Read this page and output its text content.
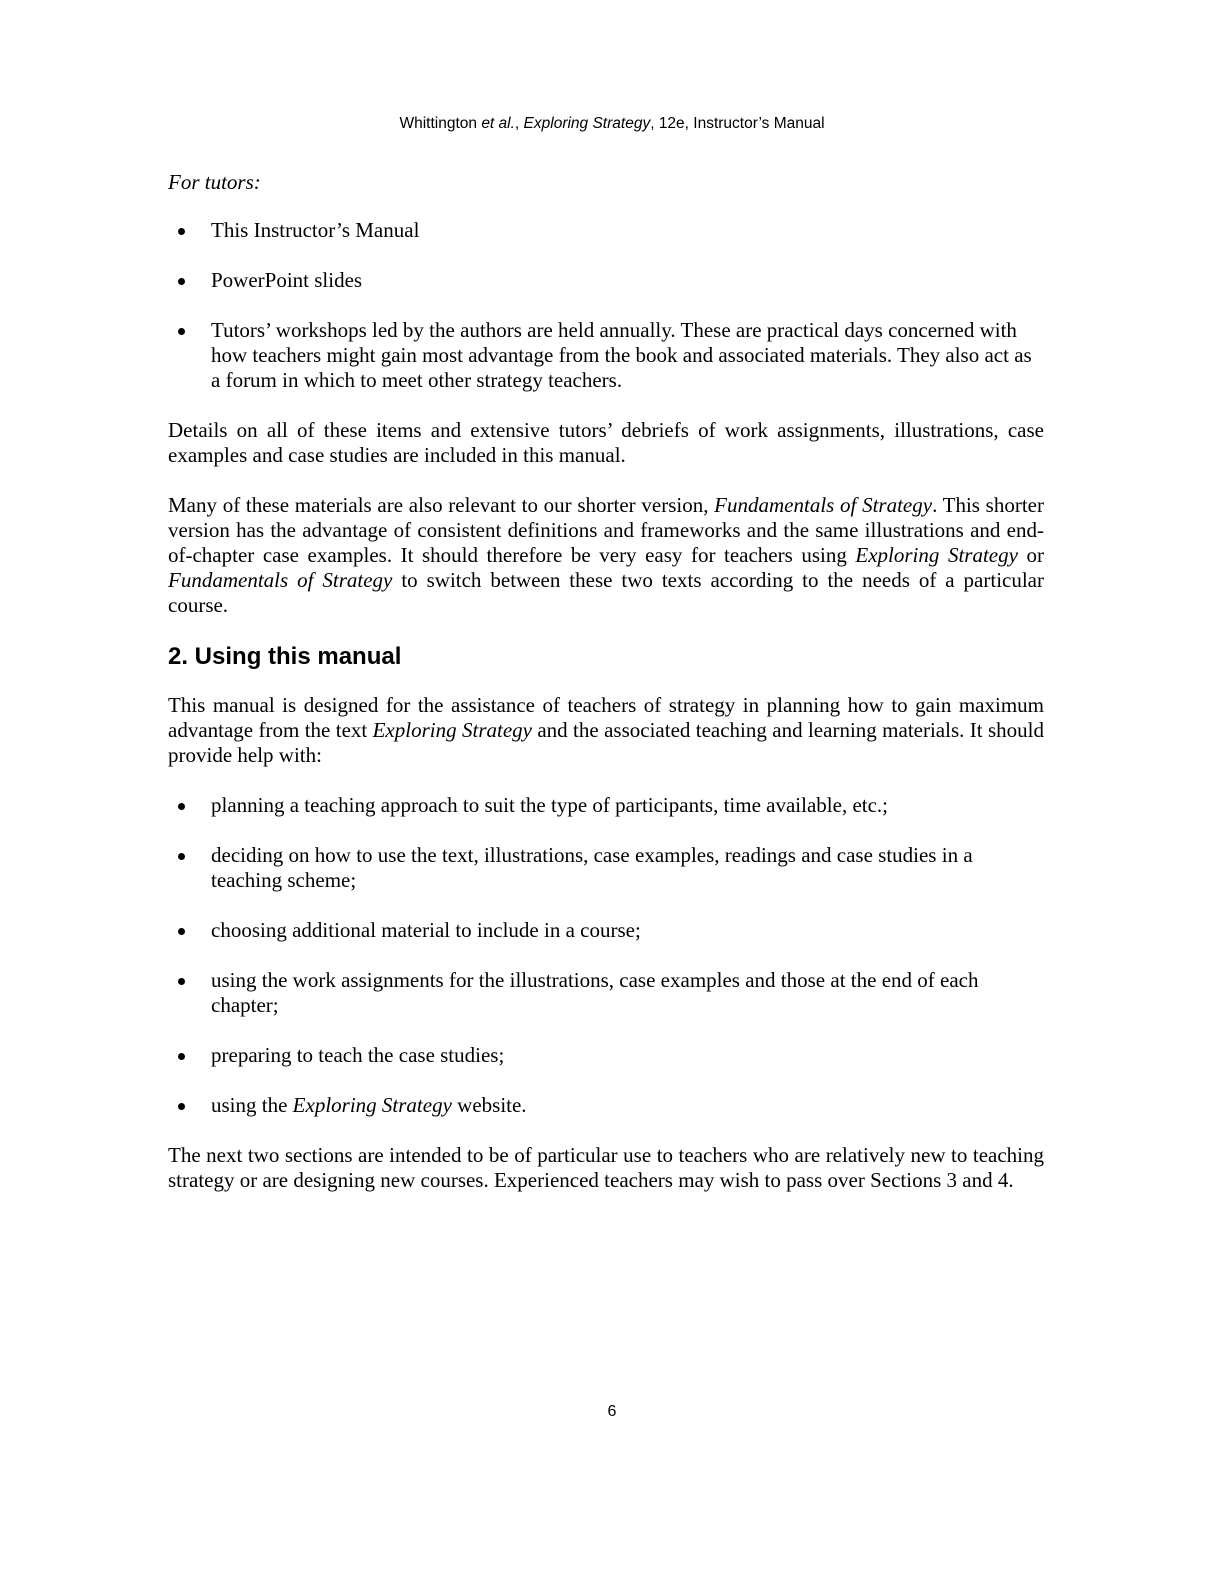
Whittington et al., Exploring Strategy, 12e, Instructor’s Manual

For tutors:

This Instructor’s Manual
PowerPoint slides
Tutors’ workshops led by the authors are held annually. These are practical days concerned with how teachers might gain most advantage from the book and associated materials. They also act as a forum in which to meet other strategy teachers.

Details on all of these items and extensive tutors’ debriefs of work assignments, illustrations, case examples and case studies are included in this manual.

Many of these materials are also relevant to our shorter version, Fundamentals of Strategy. This shorter version has the advantage of consistent definitions and frameworks and the same illustrations and end-of-chapter case examples. It should therefore be very easy for teachers using Exploring Strategy or Fundamentals of Strategy to switch between these two texts according to the needs of a particular course.

2. Using this manual

This manual is designed for the assistance of teachers of strategy in planning how to gain maximum advantage from the text Exploring Strategy and the associated teaching and learning materials. It should provide help with:

planning a teaching approach to suit the type of participants, time available, etc.;
deciding on how to use the text, illustrations, case examples, readings and case studies in a teaching scheme;
choosing additional material to include in a course;
using the work assignments for the illustrations, case examples and those at the end of each chapter;
preparing to teach the case studies;
using the Exploring Strategy website.

The next two sections are intended to be of particular use to teachers who are relatively new to teaching strategy or are designing new courses. Experienced teachers may wish to pass over Sections 3 and 4.

6
